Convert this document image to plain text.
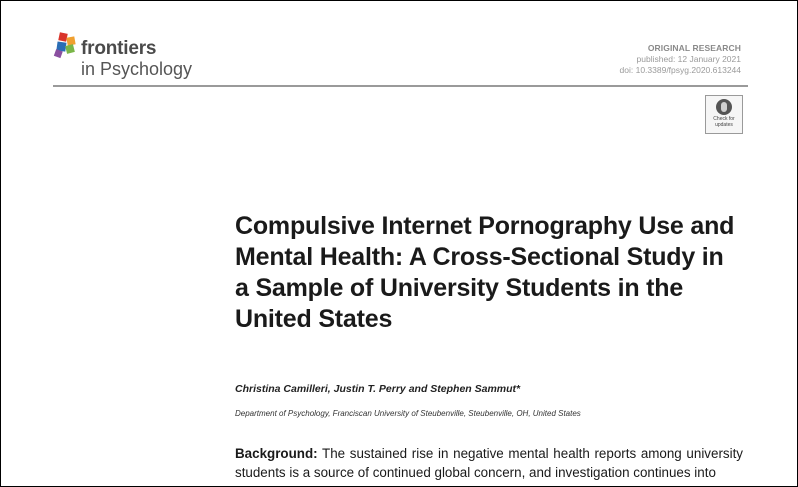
frontiers
in Psychology
ORIGINAL RESEARCH
published: 12 January 2021
doi: 10.3389/fpsyg.2020.613244
Check for
updates
Compulsive Internet Pornography Use and Mental Health: A Cross-Sectional Study in a Sample of University Students in the United States
Christina Camilleri, Justin T. Perry and Stephen Sammut*
Department of Psychology, Franciscan University of Steubenville, Steubenville, OH, United States
Background: The sustained rise in negative mental health reports among university students is a source of continued global concern, and investigation continues into
